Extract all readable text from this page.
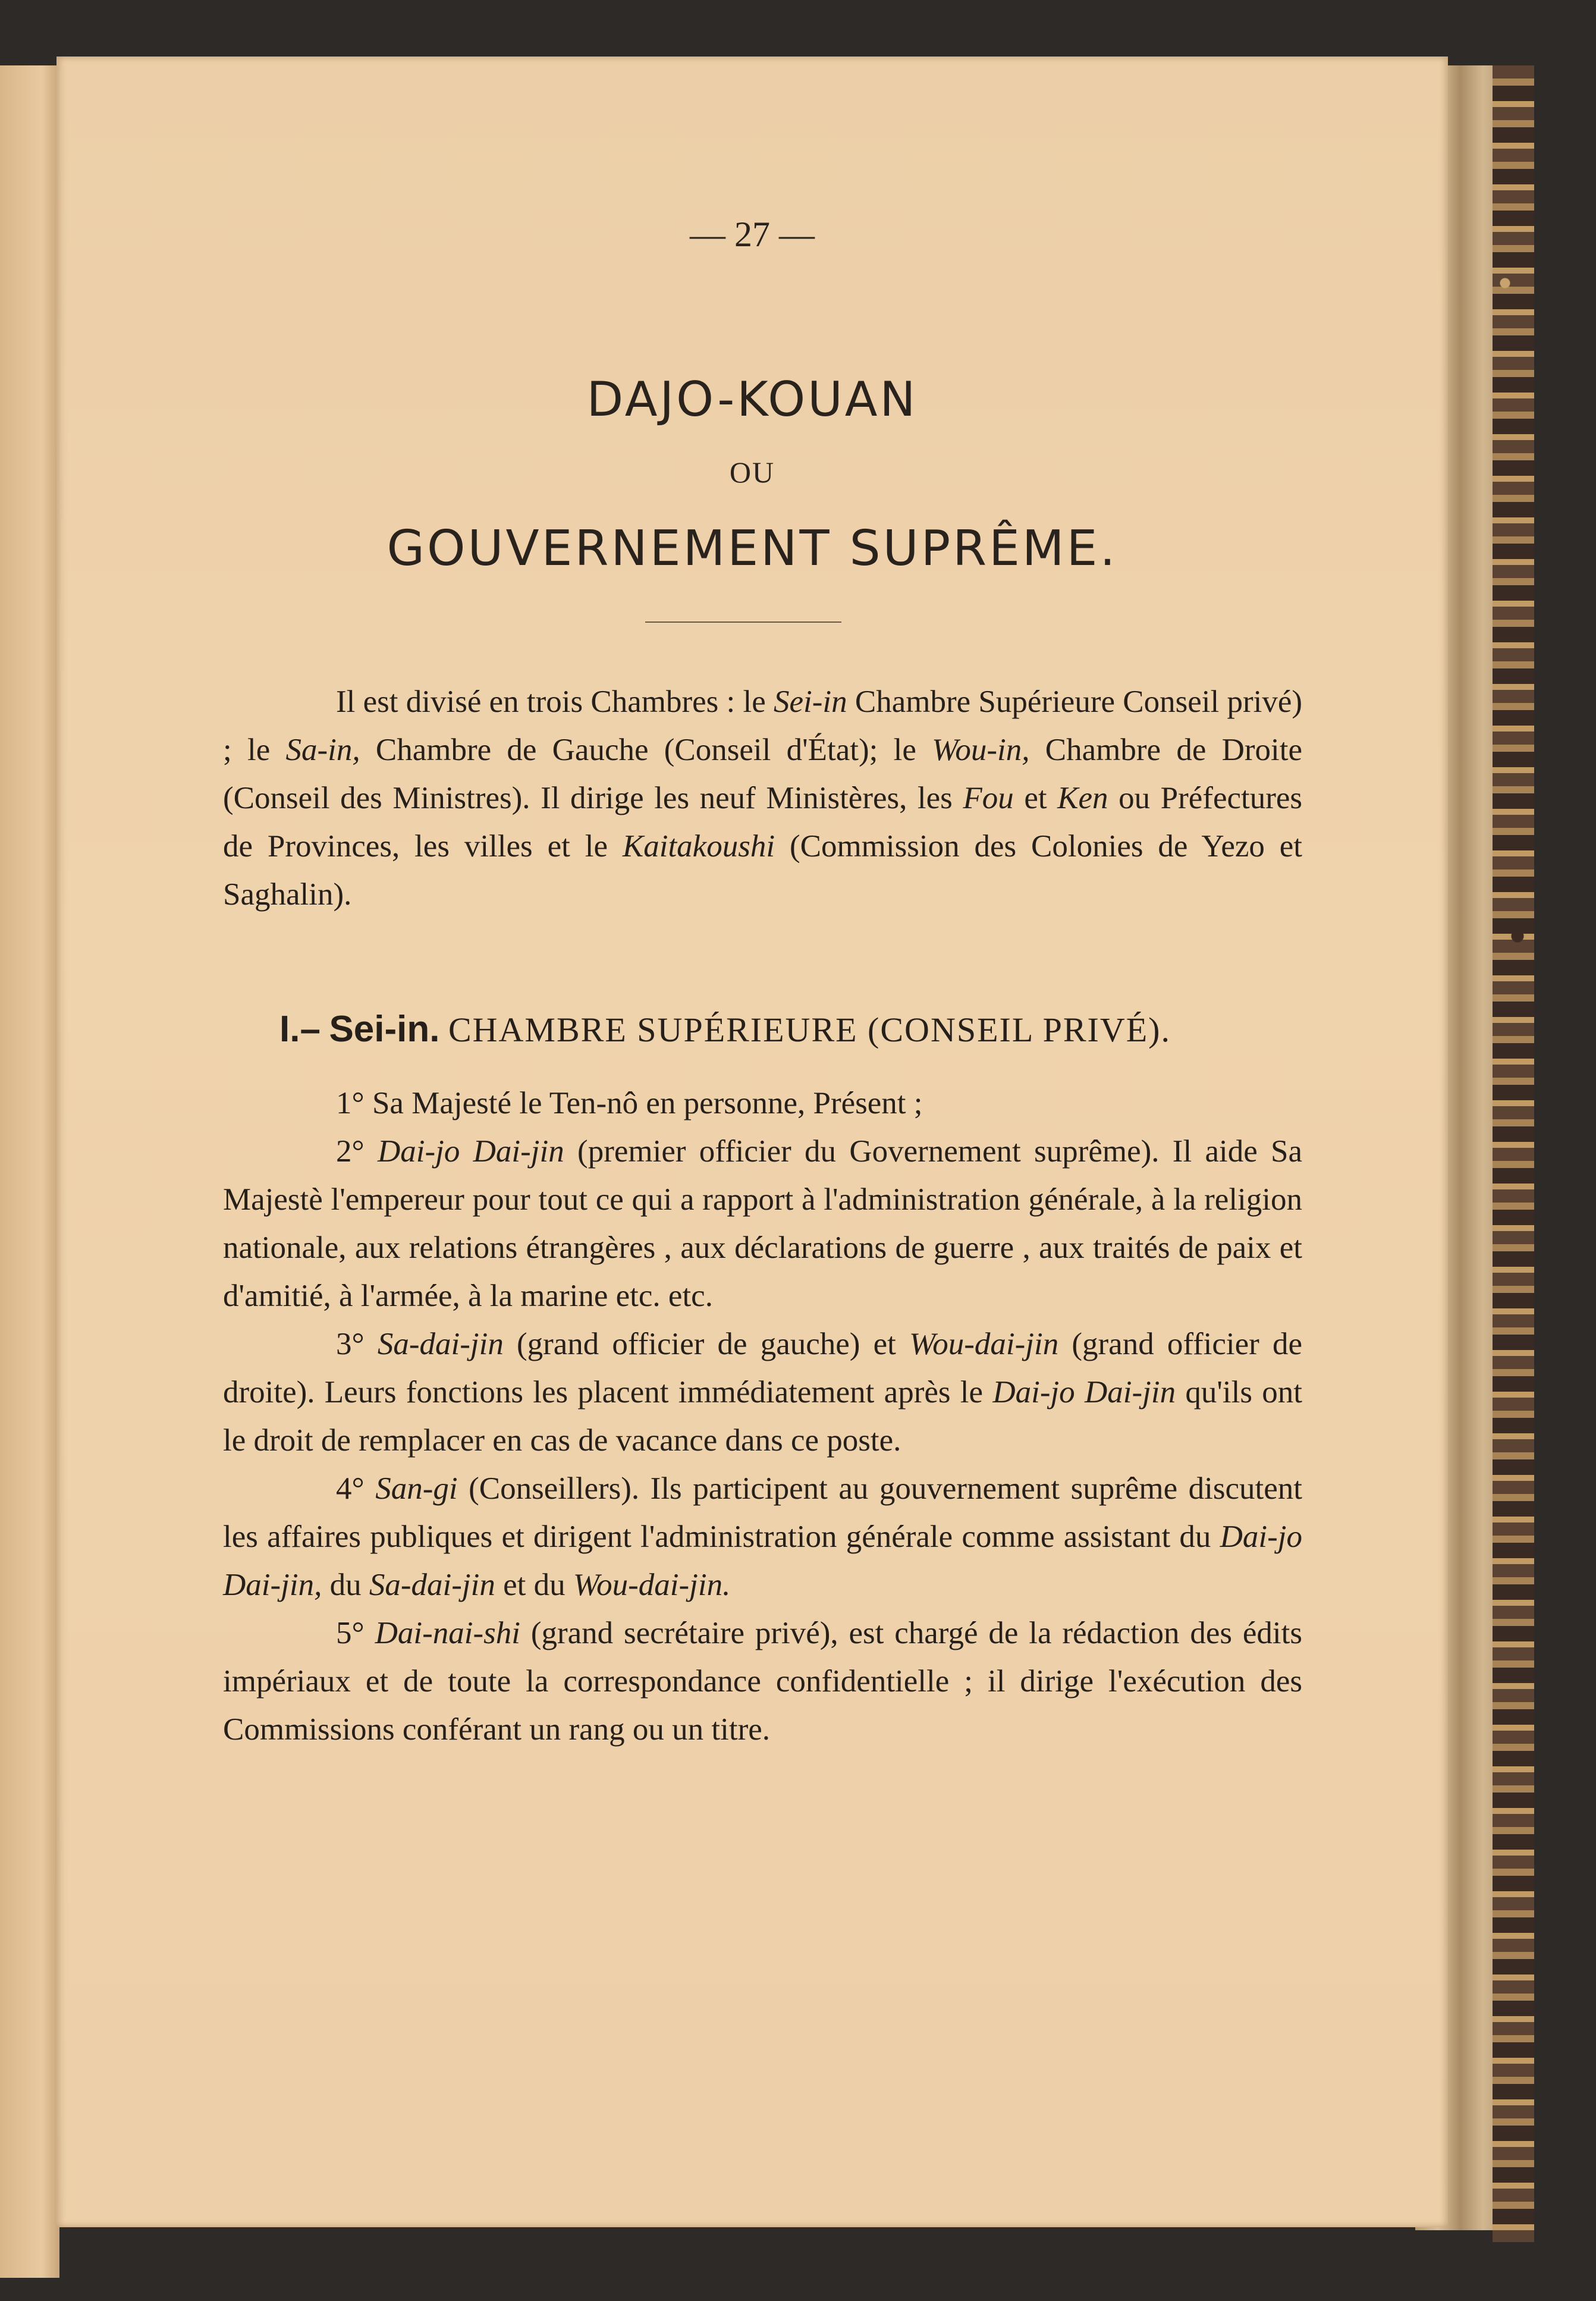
— 27 —
DAJO-KOUAN
OU
GOUVERNEMENT SUPRÊME.
Il est divisé en trois Chambres : le Sei-in Chambre Supérieure Conseil privé) ; le Sa-in, Chambre de Gauche (Conseil d'État); le Wou-in, Chambre de Droite (Conseil des Ministres). Il dirige les neuf Ministères, les Fou et Ken ou Préfectures de Provinces, les villes et le Kaitakoushi (Commission des Colonies de Yezo et Saghalin).
I.– Sei-in. CHAMBRE SUPÉRIEURE (CONSEIL PRIVÉ).

1° Sa Majesté le Ten-nô en personne, Présent ;

2° Dai-jo Dai-jin (premier officier du Governement suprême). Il aide Sa Majestè l'empereur pour tout ce qui a rapport à l'administration générale, à la religion nationale, aux relations étrangères , aux déclarations de guerre , aux traités de paix et d'amitié, à l'armée, à la marine etc. etc.

3° Sa-dai-jin (grand officier de gauche) et Wou-dai-jin (grand officier de droite). Leurs fonctions les placent immédiatement après le Dai-jo Dai-jin qu'ils ont le droit de remplacer en cas de vacance dans ce poste.

4° San-gi (Conseillers). Ils participent au gouvernement suprême discutent les affaires publiques et dirigent l'administration générale comme assistant du Dai-jo Dai-jin, du Sa-dai-jin et du Wou-dai-jin.

5° Dai-nai-shi (grand secrétaire privé), est chargé de la rédaction des édits impériaux et de toute la correspondance confidentielle ; il dirige l'exécution des Commissions conférant un rang ou un titre.
